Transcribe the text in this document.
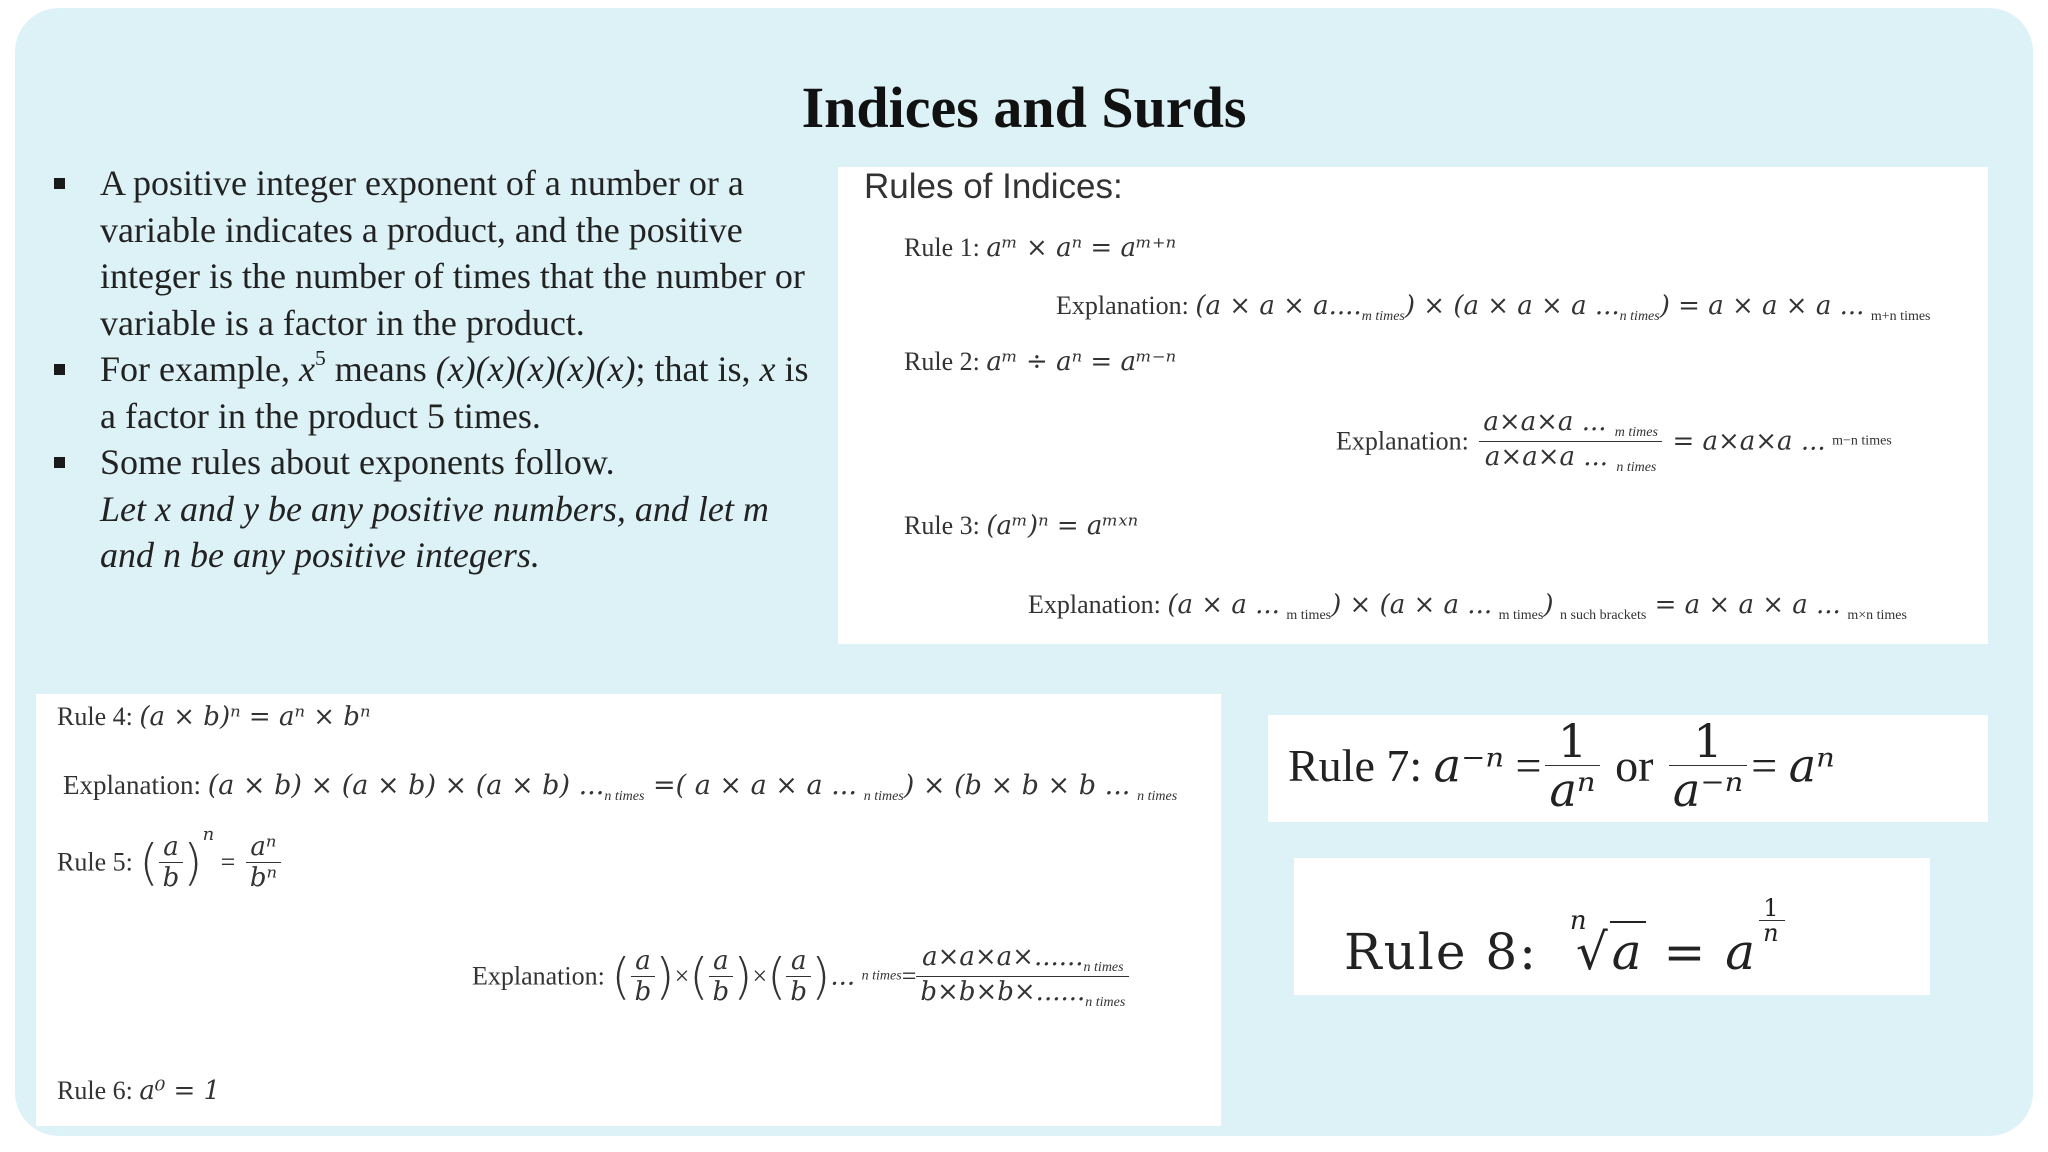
Indices and Surds
A positive integer exponent of a number or a variable indicates a product, and the positive integer is the number of times that the number or variable is a factor in the product.
For example, $x^5$ means (x)(x)(x)(x)(x); that is, x is a factor in the product 5 times.
Some rules about exponents follow.
Let x and y be any positive numbers, and let m and n be any positive integers.
Rules of Indices:
Rule 1: aᵐ × aⁿ = aᵐ⁺ⁿ
Explanation: $(a \times a \times a...._{m times}) \times (a \times a \times a$ $..._{n times}) = a \times a \times a$ ... $_{m+n times}$
Rule 2: aᵐ ÷ aⁿ = aᵐ⁻ⁿ
Explanation: $\frac{a\times a\times a ... _{m times}}{a\times a\times a ... _{n times}} = a\times a\times a$ ... m−n times
Rule 3: (aᵐ)ⁿ = aᵐˣⁿ
Explanation: (a × a ... $_{m times}$) × (a × a ... $_{m times}$) $_{n such brackets}$ = a × a × a ... $_{m\times n times}$
Rule 4: (a × b)ⁿ = aⁿ × bⁿ
Explanation: (a × b) × (a × b) × (a × b) $..._{n times}$ =( a × a × a ... $_{n times}$) × (b × b × b ... $_{n times}$
Rule 5: ( $\frac{a}{b} )^n = \frac{\text{aⁿ}}{\text{bⁿ}}$
Explanation: ( $\frac{a}{b}$ )×( $\frac{a}{b}$ )×( $\frac{a}{b}$ )... n times= $\frac{a\times a\times a\times......_{n times}}{b\times b\times b\times......_{n times}}$
Rule 6: a⁰ = 1
Rule 7: $a^{-n} = \frac{1}{\text{aⁿ}}$ or $\frac{1}{\text{a⁻ⁿ}} = a^n$
Rule 8:
n
√a = a
$\frac{1}{n}$
